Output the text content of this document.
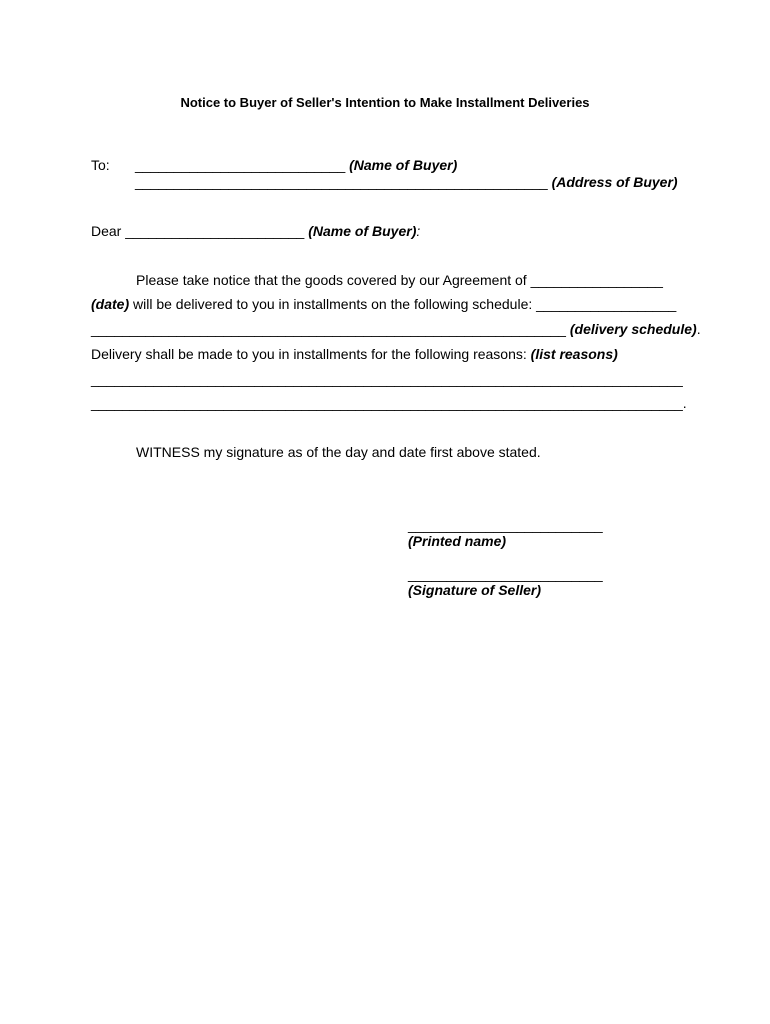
Notice to Buyer of Seller's Intention to Make Installment Deliveries
To: ___________________________ (Name of Buyer)
_____________________________________________________ (Address of Buyer)
Dear _______________________ (Name of Buyer):
Please take notice that the goods covered by our Agreement of _________________
(date) will be delivered to you in installments on the following schedule: __________________
_____________________________________________________________ (delivery schedule).
Delivery shall be made to you in installments for the following reasons: (list reasons)
____________________________________________________________________________
____________________________________________________________________________.
WITNESS my signature as of the day and date first above stated.
_________________________
(Printed name)
_________________________
(Signature of Seller)
